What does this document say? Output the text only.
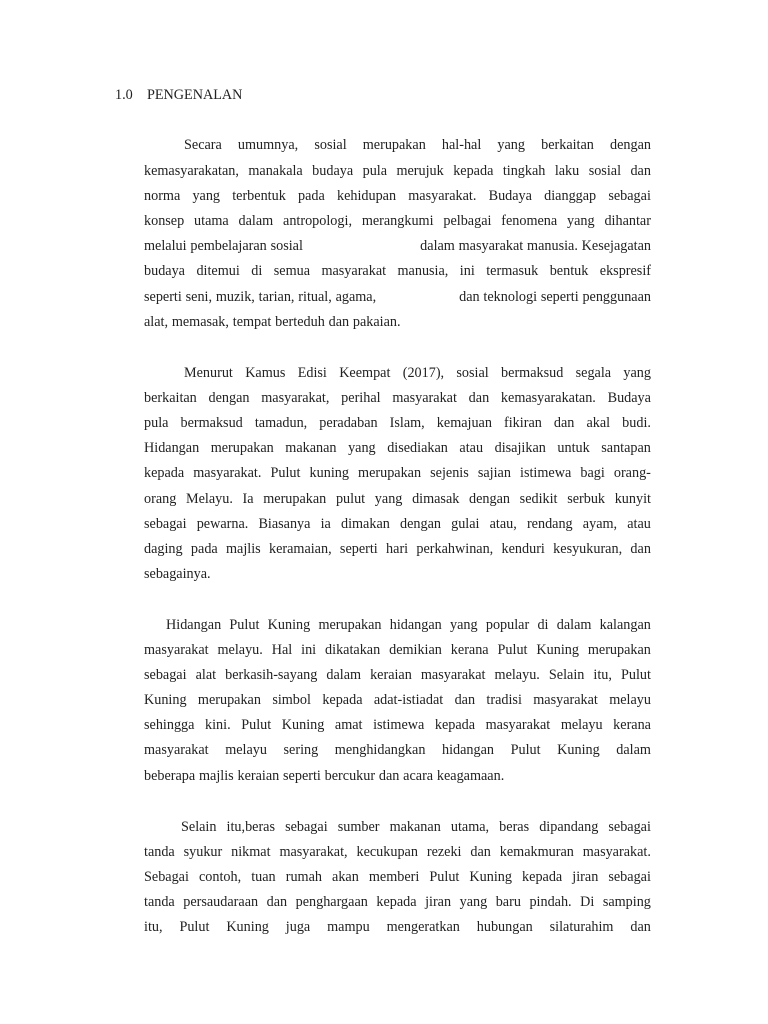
1.0 PENGENALAN
Secara umumnya, sosial merupakan hal-hal yang berkaitan dengan
kemasyarakatan, manakala budaya pula merujuk kepada tingkah laku sosial dan
norma yang terbentuk pada kehidupan masyarakat. Budaya dianggap sebagai
konsep utama dalam antropologi, merangkumi pelbagai fenomena yang dihantar
melalui pembelajaran sosial	dalam masyarakat manusia. Kesejagatan
budaya ditemui di semua masyarakat manusia, ini termasuk bentuk ekspresif
seperti seni, muzik, tarian, ritual, agama,	dan teknologi seperti penggunaan
alat, memasak, tempat berteduh dan pakaian.
Menurut Kamus Edisi Keempat (2017), sosial bermaksud segala yang
berkaitan dengan masyarakat, perihal masyarakat dan kemasyarakatan. Budaya
pula bermaksud tamadun, peradaban Islam, kemajuan fikiran dan akal budi.
Hidangan merupakan makanan yang disediakan atau disajikan untuk santapan
kepada masyarakat. Pulut kuning merupakan sejenis sajian istimewa bagi orang-
orang Melayu. Ia merupakan pulut yang dimasak dengan sedikit serbuk kunyit
sebagai pewarna. Biasanya ia dimakan dengan gulai atau, rendang ayam, atau
daging pada majlis keramaian, seperti hari perkahwinan, kenduri kesyukuran, dan
sebagainya.
Hidangan Pulut Kuning merupakan hidangan yang popular di dalam kalangan
masyarakat melayu. Hal ini dikatakan demikian kerana Pulut Kuning merupakan
sebagai alat berkasih-sayang dalam keraian masyarakat melayu. Selain itu, Pulut
Kuning merupakan simbol kepada adat-istiadat dan tradisi masyarakat melayu
sehingga kini. Pulut Kuning amat istimewa kepada masyarakat melayu kerana
masyarakat melayu sering menghidangkan hidangan Pulut Kuning dalam
beberapa majlis keraian seperti bercukur dan acara keagamaan.
Selain itu,beras sebagai sumber makanan utama, beras dipandang sebagai
tanda syukur nikmat masyarakat, kecukupan rezeki dan kemakmuran masyarakat.
Sebagai contoh, tuan rumah akan memberi Pulut Kuning kepada jiran sebagai
tanda persaudaraan dan penghargaan kepada jiran yang baru pindah. Di samping
itu, Pulut Kuning juga mampu mengeratkan hubungan silaturahim dan
